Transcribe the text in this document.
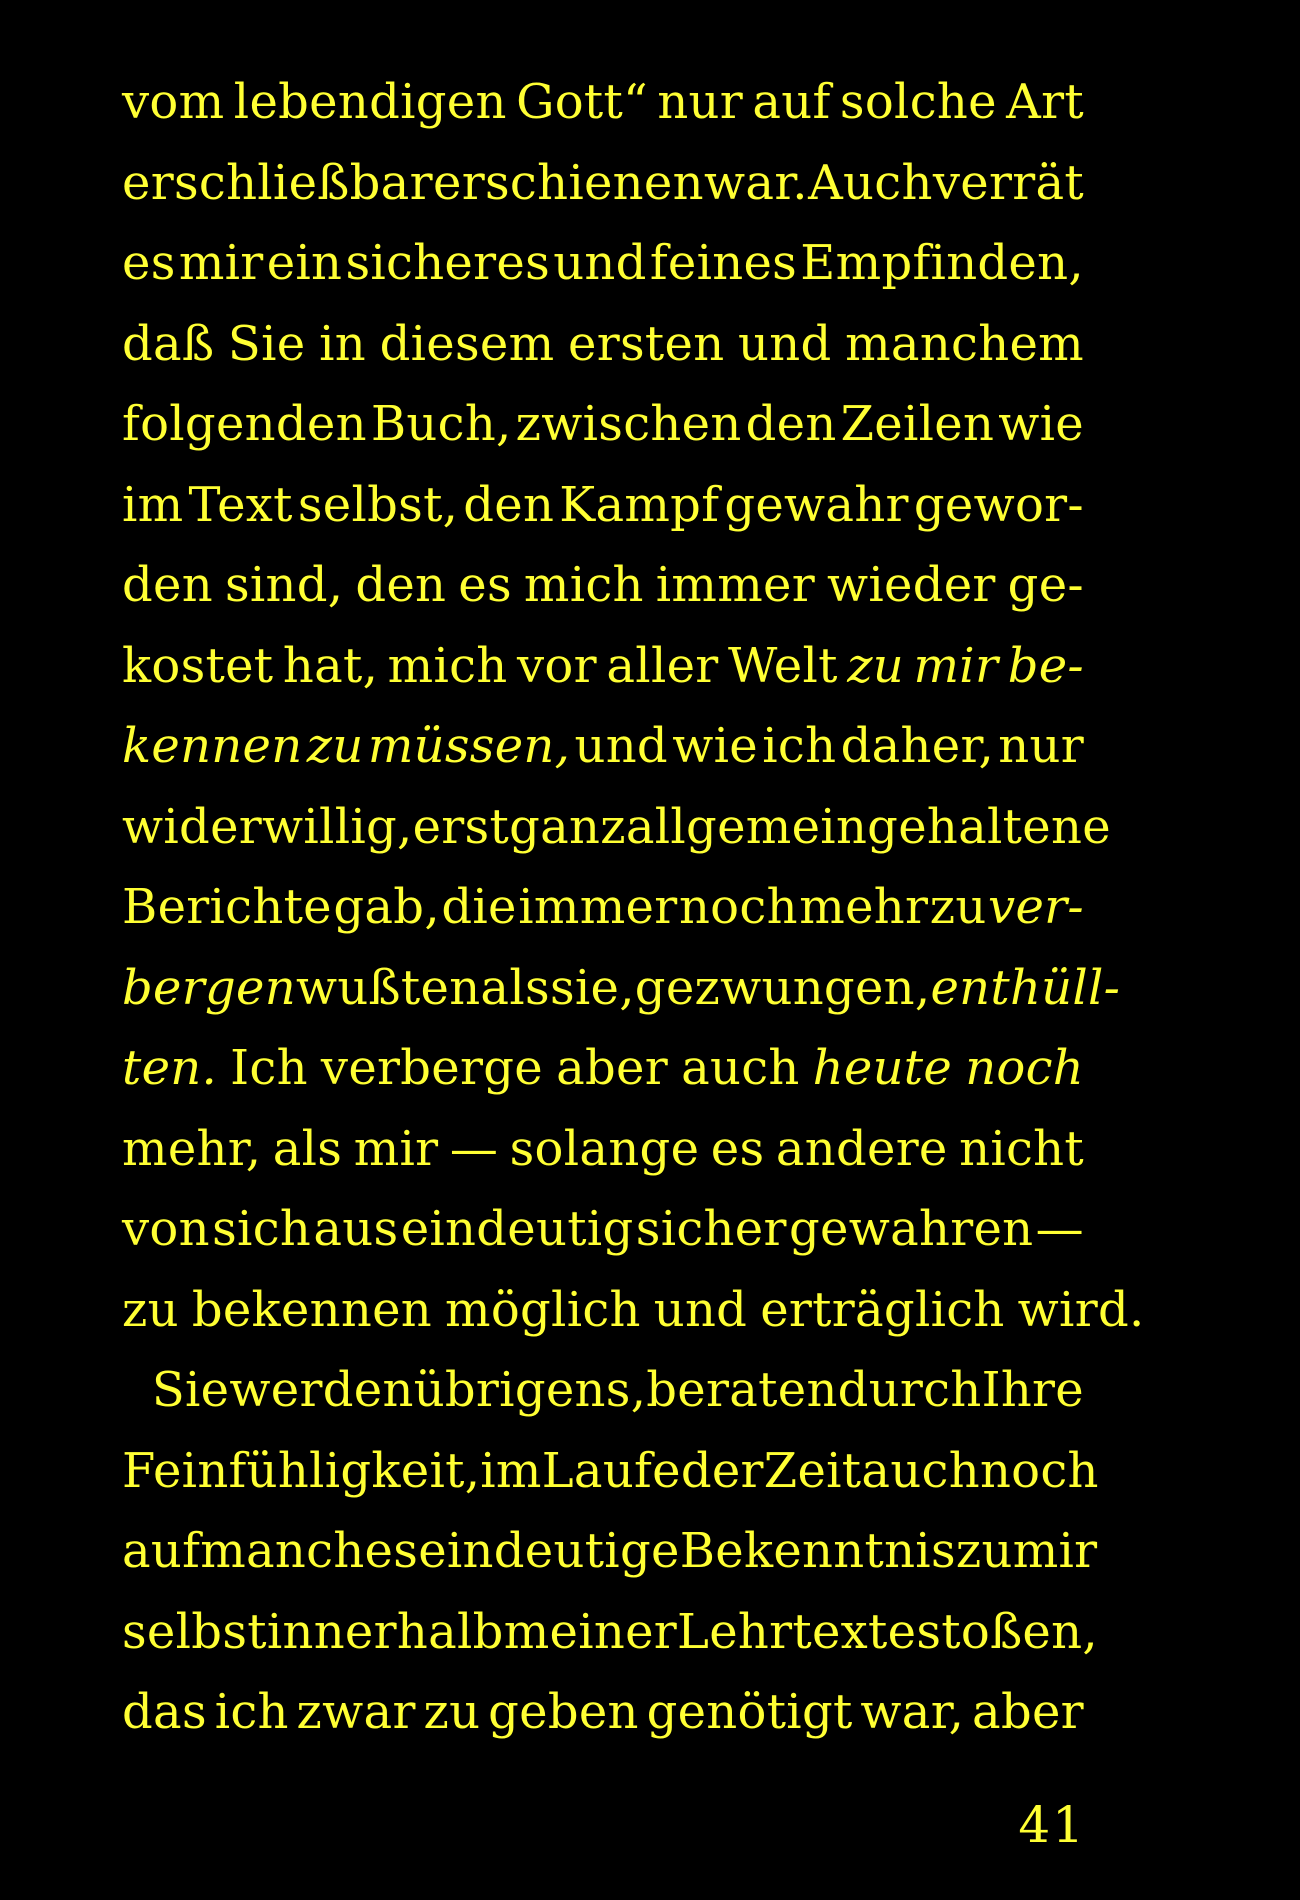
vom lebendigen Gott“ nur auf solche Art
erschließbar erschienen war. Auch verrät
es mir ein sicheres und feines Empfinden,
daß Sie in diesem ersten und manchem
folgenden Buch, zwischen den Zeilen wie
im Text selbst, den Kampf gewahr gewor-
den sind, den es mich immer wieder ge-
kostet hat, mich vor aller Welt zu mir be-
kennen zu müssen, und wie ich daher, nur
widerwillig, erst ganz allgemein gehaltene
Berichte gab, die immer noch mehr zu ver-
bergen wußten als sie, gezwungen, enthüll-
ten. Ich verberge aber auch heute noch
mehr, als mir — solange es andere nicht
von sich aus eindeutig sicher gewahren —
zu bekennen möglich und erträglich wird.
Sie werden übrigens, beraten durch Ihre
Feinfühligkeit, im Laufe der Zeit auch noch
auf manches eindeutige Bekenntnis zu mir
selbst innerhalb meiner Lehrtexte stoßen,
das ich zwar zu geben genötigt war, aber
41
